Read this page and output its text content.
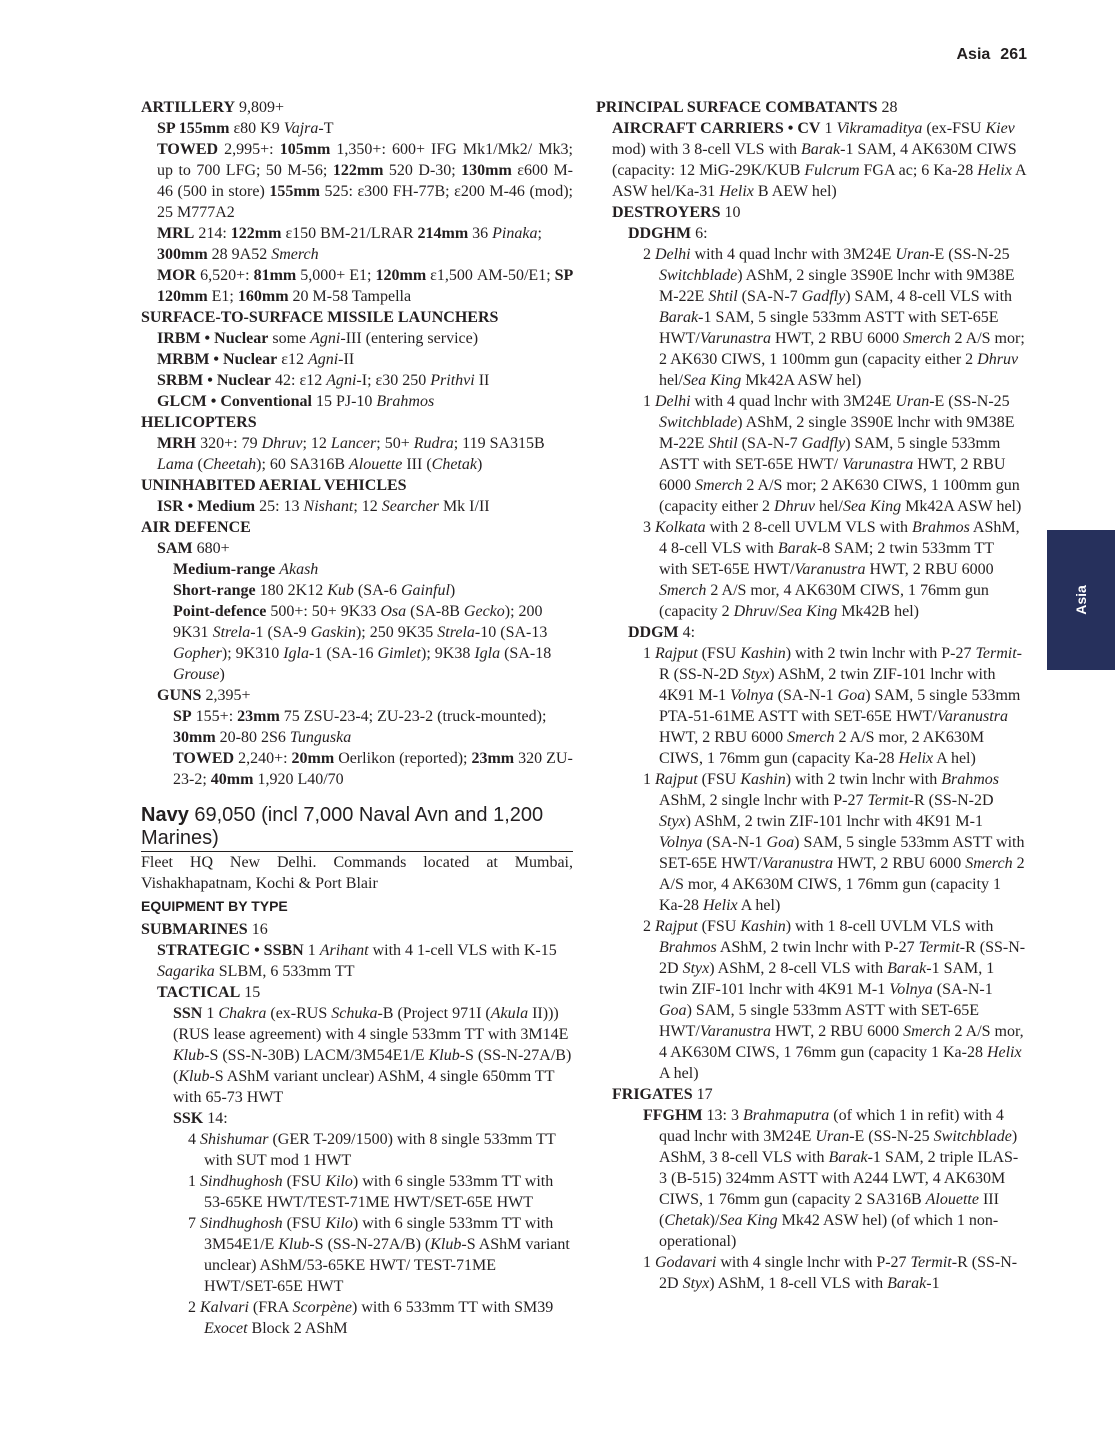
Asia 261
Asia
ARTILLERY 9,809+
SP 155mm ε80 K9 Vajra-T
TOWED 2,995+: 105mm 1,350+: 600+ IFG Mk1/Mk2/ Mk3; up to 700 LFG; 50 M-56; 122mm 520 D-30; 130mm ε600 M-46 (500 in store) 155mm 525: ε300 FH-77B; ε200 M-46 (mod); 25 M777A2
MRL 214: 122mm ε150 BM-21/LRAR 214mm 36 Pinaka; 300mm 28 9A52 Smerch
MOR 6,520+: 81mm 5,000+ E1; 120mm ε1,500 AM-50/E1; SP 120mm E1; 160mm 20 M-58 Tampella
SURFACE-TO-SURFACE MISSILE LAUNCHERS
IRBM • Nuclear some Agni-III (entering service)
MRBM • Nuclear ε12 Agni-II
SRBM • Nuclear 42: ε12 Agni-I; ε30 250 Prithvi II
GLCM • Conventional 15 PJ-10 Brahmos
HELICOPTERS
MRH 320+: 79 Dhruv; 12 Lancer; 50+ Rudra; 119 SA315B Lama (Cheetah); 60 SA316B Alouette III (Chetak)
UNINHABITED AERIAL VEHICLES
ISR • Medium 25: 13 Nishant; 12 Searcher Mk I/II
AIR DEFENCE
SAM 680+
Medium-range Akash
Short-range 180 2K12 Kub (SA-6 Gainful)
Point-defence 500+: 50+ 9K33 Osa (SA-8B Gecko); 200 9K31 Strela-1 (SA-9 Gaskin); 250 9K35 Strela-10 (SA-13 Gopher); 9K310 Igla-1 (SA-16 Gimlet); 9K38 Igla (SA-18 Grouse)
GUNS 2,395+
SP 155+: 23mm 75 ZSU-23-4; ZU-23-2 (truck-mounted); 30mm 20-80 2S6 Tunguska
TOWED 2,240+: 20mm Oerlikon (reported); 23mm 320 ZU-23-2; 40mm 1,920 L40/70
Navy 69,050 (incl 7,000 Naval Avn and 1,200 Marines)
Fleet HQ New Delhi. Commands located at Mumbai, Vishakhapatnam, Kochi & Port Blair
EQUIPMENT BY TYPE
SUBMARINES 16
STRATEGIC • SSBN 1 Arihant with 4 1-cell VLS with K-15 Sagarika SLBM, 6 533mm TT
TACTICAL 15
SSN 1 Chakra (ex-RUS Schuka-B (Project 971I (Akula II))) (RUS lease agreement) with 4 single 533mm TT with 3M14E Klub-S (SS-N-30B) LACM/3M54E1/E Klub-S (SS-N-27A/B) (Klub-S AShM variant unclear) AShM, 4 single 650mm TT with 65-73 HWT
SSK 14:
4 Shishumar (GER T-209/1500) with 8 single 533mm TT with SUT mod 1 HWT
1 Sindhughosh (FSU Kilo) with 6 single 533mm TT with 53-65KE HWT/TEST-71ME HWT/SET-65E HWT
7 Sindhughosh (FSU Kilo) with 6 single 533mm TT with 3M54E1/E Klub-S (SS-N-27A/B) (Klub-S AShM variant unclear) AShM/53-65KE HWT/ TEST-71ME HWT/SET-65E HWT
2 Kalvari (FRA Scorpène) with 6 533mm TT with SM39 Exocet Block 2 AShM
PRINCIPAL SURFACE COMBATANTS 28
AIRCRAFT CARRIERS • CV 1 Vikramaditya (ex-FSU Kiev mod) with 3 8-cell VLS with Barak-1 SAM, 4 AK630M CIWS (capacity: 12 MiG-29K/KUB Fulcrum FGA ac; 6 Ka-28 Helix A ASW hel/Ka-31 Helix B AEW hel)
DESTROYERS 10
DDGHM 6:
2 Delhi with 4 quad lnchr with 3M24E Uran-E (SS-N-25 Switchblade) AShM, 2 single 3S90E lnchr with 9M38E M-22E Shtil (SA-N-7 Gadfly) SAM, 4 8-cell VLS with Barak-1 SAM, 5 single 533mm ASTT with SET-65E HWT/Varunastra HWT, 2 RBU 6000 Smerch 2 A/S mor; 2 AK630 CIWS, 1 100mm gun (capacity either 2 Dhruv hel/Sea King Mk42A ASW hel)
1 Delhi with 4 quad lnchr with 3M24E Uran-E (SS-N-25 Switchblade) AShM, 2 single 3S90E lnchr with 9M38E M-22E Shtil (SA-N-7 Gadfly) SAM, 5 single 533mm ASTT with SET-65E HWT/ Varunastra HWT, 2 RBU 6000 Smerch 2 A/S mor; 2 AK630 CIWS, 1 100mm gun (capacity either 2 Dhruv hel/Sea King Mk42A ASW hel)
3 Kolkata with 2 8-cell UVLM VLS with Brahmos AShM, 4 8-cell VLS with Barak-8 SAM; 2 twin 533mm TT with SET-65E HWT/Varanustra HWT, 2 RBU 6000 Smerch 2 A/S mor, 4 AK630M CIWS, 1 76mm gun (capacity 2 Dhruv/Sea King Mk42B hel)
DDGM 4:
1 Rajput (FSU Kashin) with 2 twin lnchr with P-27 Termit-R (SS-N-2D Styx) AShM, 2 twin ZIF-101 lnchr with 4K91 M-1 Volnya (SA-N-1 Goa) SAM, 5 single 533mm PTA-51-61ME ASTT with SET-65E HWT/Varanustra HWT, 2 RBU 6000 Smerch 2 A/S mor, 2 AK630M CIWS, 1 76mm gun (capacity Ka-28 Helix A hel)
1 Rajput (FSU Kashin) with 2 twin lnchr with Brahmos AShM, 2 single lnchr with P-27 Termit-R (SS-N-2D Styx) AShM, 2 twin ZIF-101 lnchr with 4K91 M-1 Volnya (SA-N-1 Goa) SAM, 5 single 533mm ASTT with SET-65E HWT/Varanustra HWT, 2 RBU 6000 Smerch 2 A/S mor, 4 AK630M CIWS, 1 76mm gun (capacity 1 Ka-28 Helix A hel)
2 Rajput (FSU Kashin) with 1 8-cell UVLM VLS with Brahmos AShM, 2 twin lnchr with P-27 Termit-R (SS-N-2D Styx) AShM, 2 8-cell VLS with Barak-1 SAM, 1 twin ZIF-101 lnchr with 4K91 M-1 Volnya (SA-N-1 Goa) SAM, 5 single 533mm ASTT with SET-65E HWT/Varanustra HWT, 2 RBU 6000 Smerch 2 A/S mor, 4 AK630M CIWS, 1 76mm gun (capacity 1 Ka-28 Helix A hel)
FRIGATES 17
FFGHM 13: 3 Brahmaputra (of which 1 in refit) with 4 quad lnchr with 3M24E Uran-E (SS-N-25 Switchblade) AShM, 3 8-cell VLS with Barak-1 SAM, 2 triple ILAS-3 (B-515) 324mm ASTT with A244 LWT, 4 AK630M CIWS, 1 76mm gun (capacity 2 SA316B Alouette III (Chetak)/Sea King Mk42 ASW hel) (of which 1 non-operational)
1 Godavari with 4 single lnchr with P-27 Termit-R (SS-N-2D Styx) AShM, 1 8-cell VLS with Barak-1
